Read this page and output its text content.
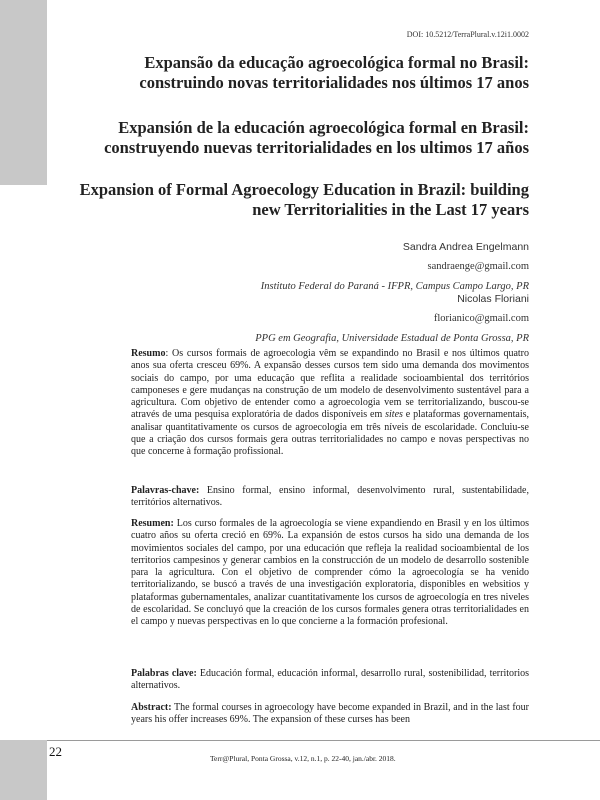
DOI: 10.5212/TerraPlural.v.12i1.0002
Expansão da educação agroecológica formal no Brasil:
construindo novas territorialidades nos últimos 17 anos
Expansión de la educación agroecológica formal en Brasil:
construyendo nuevas territorialidades en los ultimos 17 años
Expansion of Formal Agroecology Education in Brazil: building
new Territorialities in the Last 17 years
Sandra Andrea Engelmann
sandraenge@gmail.com
Instituto Federal do Paraná - IFPR, Campus Campo Largo, PR
Nicolas Floriani
florianico@gmail.com
PPG em Geografia, Universidade Estadual de Ponta Grossa, PR

Resumo: Os cursos formais de agroecologia vêm se expandindo no Brasil e nos últimos quatro anos sua oferta cresceu 69%. A expansão desses cursos tem sido uma demanda dos movimentos sociais do campo, por uma educação que reflita a realidade socioambiental dos territórios camponeses e gere mudanças na construção de um modelo de desenvolvimento sustentável para a agricultura. Com objetivo de entender como a agroecologia vem se territorializando, buscou-se através de uma pesquisa exploratória de dados disponíveis em sites e plataformas governamentais, analisar quantitativamente os cursos de agroecologia em três níveis de escolaridade. Concluiu-se que a criação dos cursos formais gera outras territorialidades no campo e novas perspectivas no que concerne à formação profissional.

Palavras-chave: Ensino formal, ensino informal, desenvolvimento rural, sustentabilidade, territórios alternativos.

Resumen: Los curso formales de la agroecología se viene expandiendo en Brasil y en los últimos cuatro años su oferta creció en 69%. La expansión de estos cursos ha sido una demanda de los movimientos sociales del campo, por una educación que refleja la realidad socioambiental de los territorios campesinos y generar cambios en la construcción de un modelo de desarrollo sostenible para la agricultura. Con el objetivo de comprender cómo la agroecología se ha venido territorializando, se buscó a través de una investigación exploratoria, disponibles en websitios y plataformas gubernamentales, analizar cuantitativamente los cursos de agroecología en tres niveles de escolaridad. Se concluyó que la creación de los cursos formales genera otras territorialidades en el campo y nuevas perspectivas en lo que concierne a la formación profesional.

Palabras clave: Educación formal, educación informal, desarrollo rural, sostenibilidad, territorios alternativos.

Abstract: The formal courses in agroecology have become expanded in Brazil, and in the last four years his offer increases 69%. The expansion of these curses has been

22	Terr@Plural, Ponta Grossa, v.12, n.1, p. 22-40, jan./abr. 2018.
